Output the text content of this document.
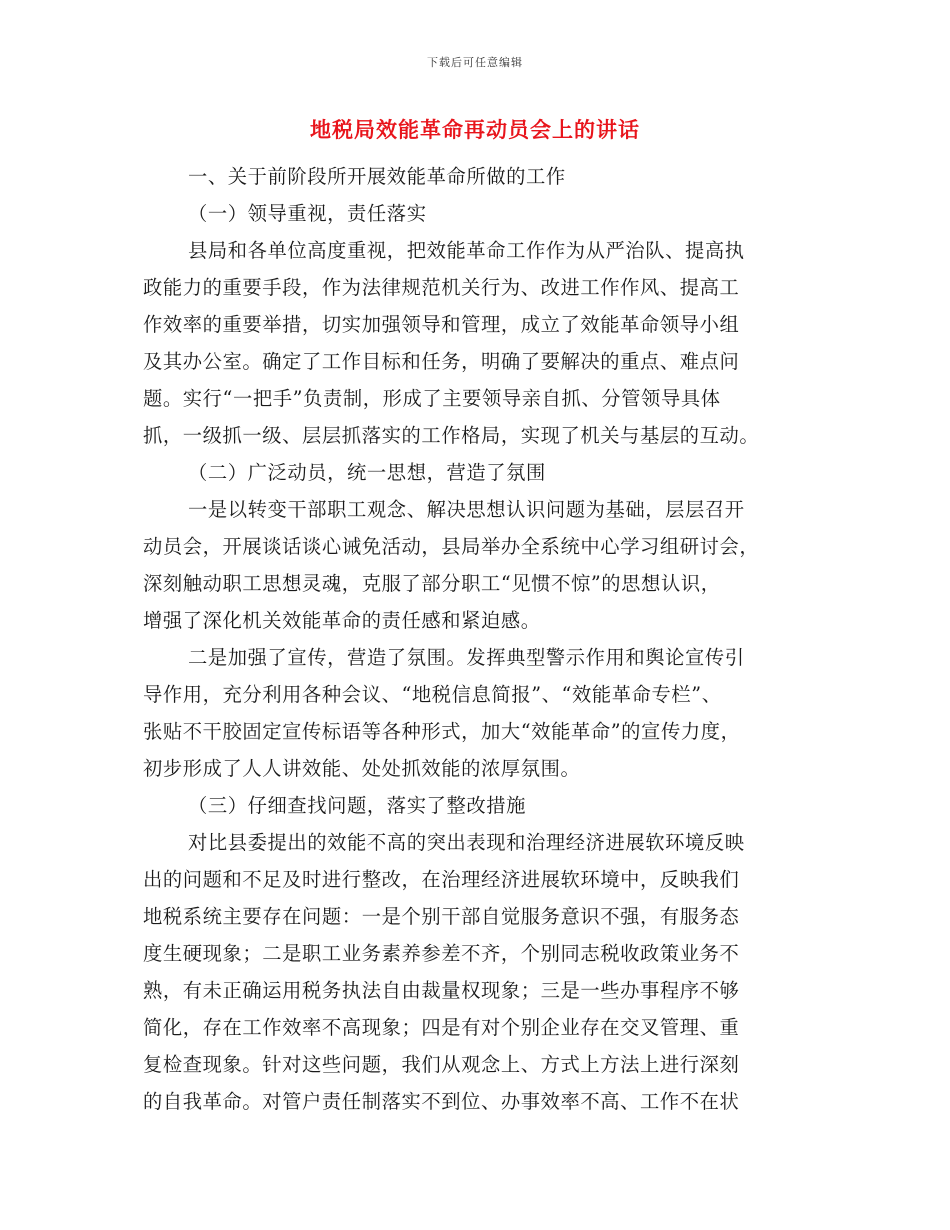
下载后可任意编辑
地税局效能革命再动员会上的讲话
一、关于前阶段所开展效能革命所做的工作
（一）领导重视，责任落实
县局和各单位高度重视，把效能革命工作作为从严治队、提高执
政能力的重要手段，作为法律规范机关行为、改进工作作风、提高工
作效率的重要举措，切实加强领导和管理，成立了效能革命领导小组
及其办公室。确定了工作目标和任务，明确了要解决的重点、难点问
题。实行“一把手”负责制，形成了主要领导亲自抓、分管领导具体
抓，一级抓一级、层层抓落实的工作格局，实现了机关与基层的互动。
（二）广泛动员，统一思想，营造了氛围
一是以转变干部职工观念、解决思想认识问题为基础，层层召开
动员会，开展谈话谈心诫免活动，县局举办全系统中心学习组研讨会，
深刻触动职工思想灵魂，克服了部分职工“见惯不惊”的思想认识，
增强了深化机关效能革命的责任感和紧迫感。
二是加强了宣传，营造了氛围。发挥典型警示作用和舆论宣传引
导作用，充分利用各种会议、“地税信息简报”、“效能革命专栏”、
张贴不干胶固定宣传标语等各种形式，加大“效能革命”的宣传力度，
初步形成了人人讲效能、处处抓效能的浓厚氛围。
（三）仔细查找问题，落实了整改措施
对比县委提出的效能不高的突出表现和治理经济进展软环境反映
出的问题和不足及时进行整改，在治理经济进展软环境中，反映我们
地税系统主要存在问题：一是个别干部自觉服务意识不强，有服务态
度生硬现象；二是职工业务素养参差不齐，个别同志税收政策业务不
熟，有未正确运用税务执法自由裁量权现象；三是一些办事程序不够
简化，存在工作效率不高现象；四是有对个别企业存在交叉管理、重
复检查现象。针对这些问题，我们从观念上、方式上方法上进行深刻
的自我革命。对管户责任制落实不到位、办事效率不高、工作不在状
